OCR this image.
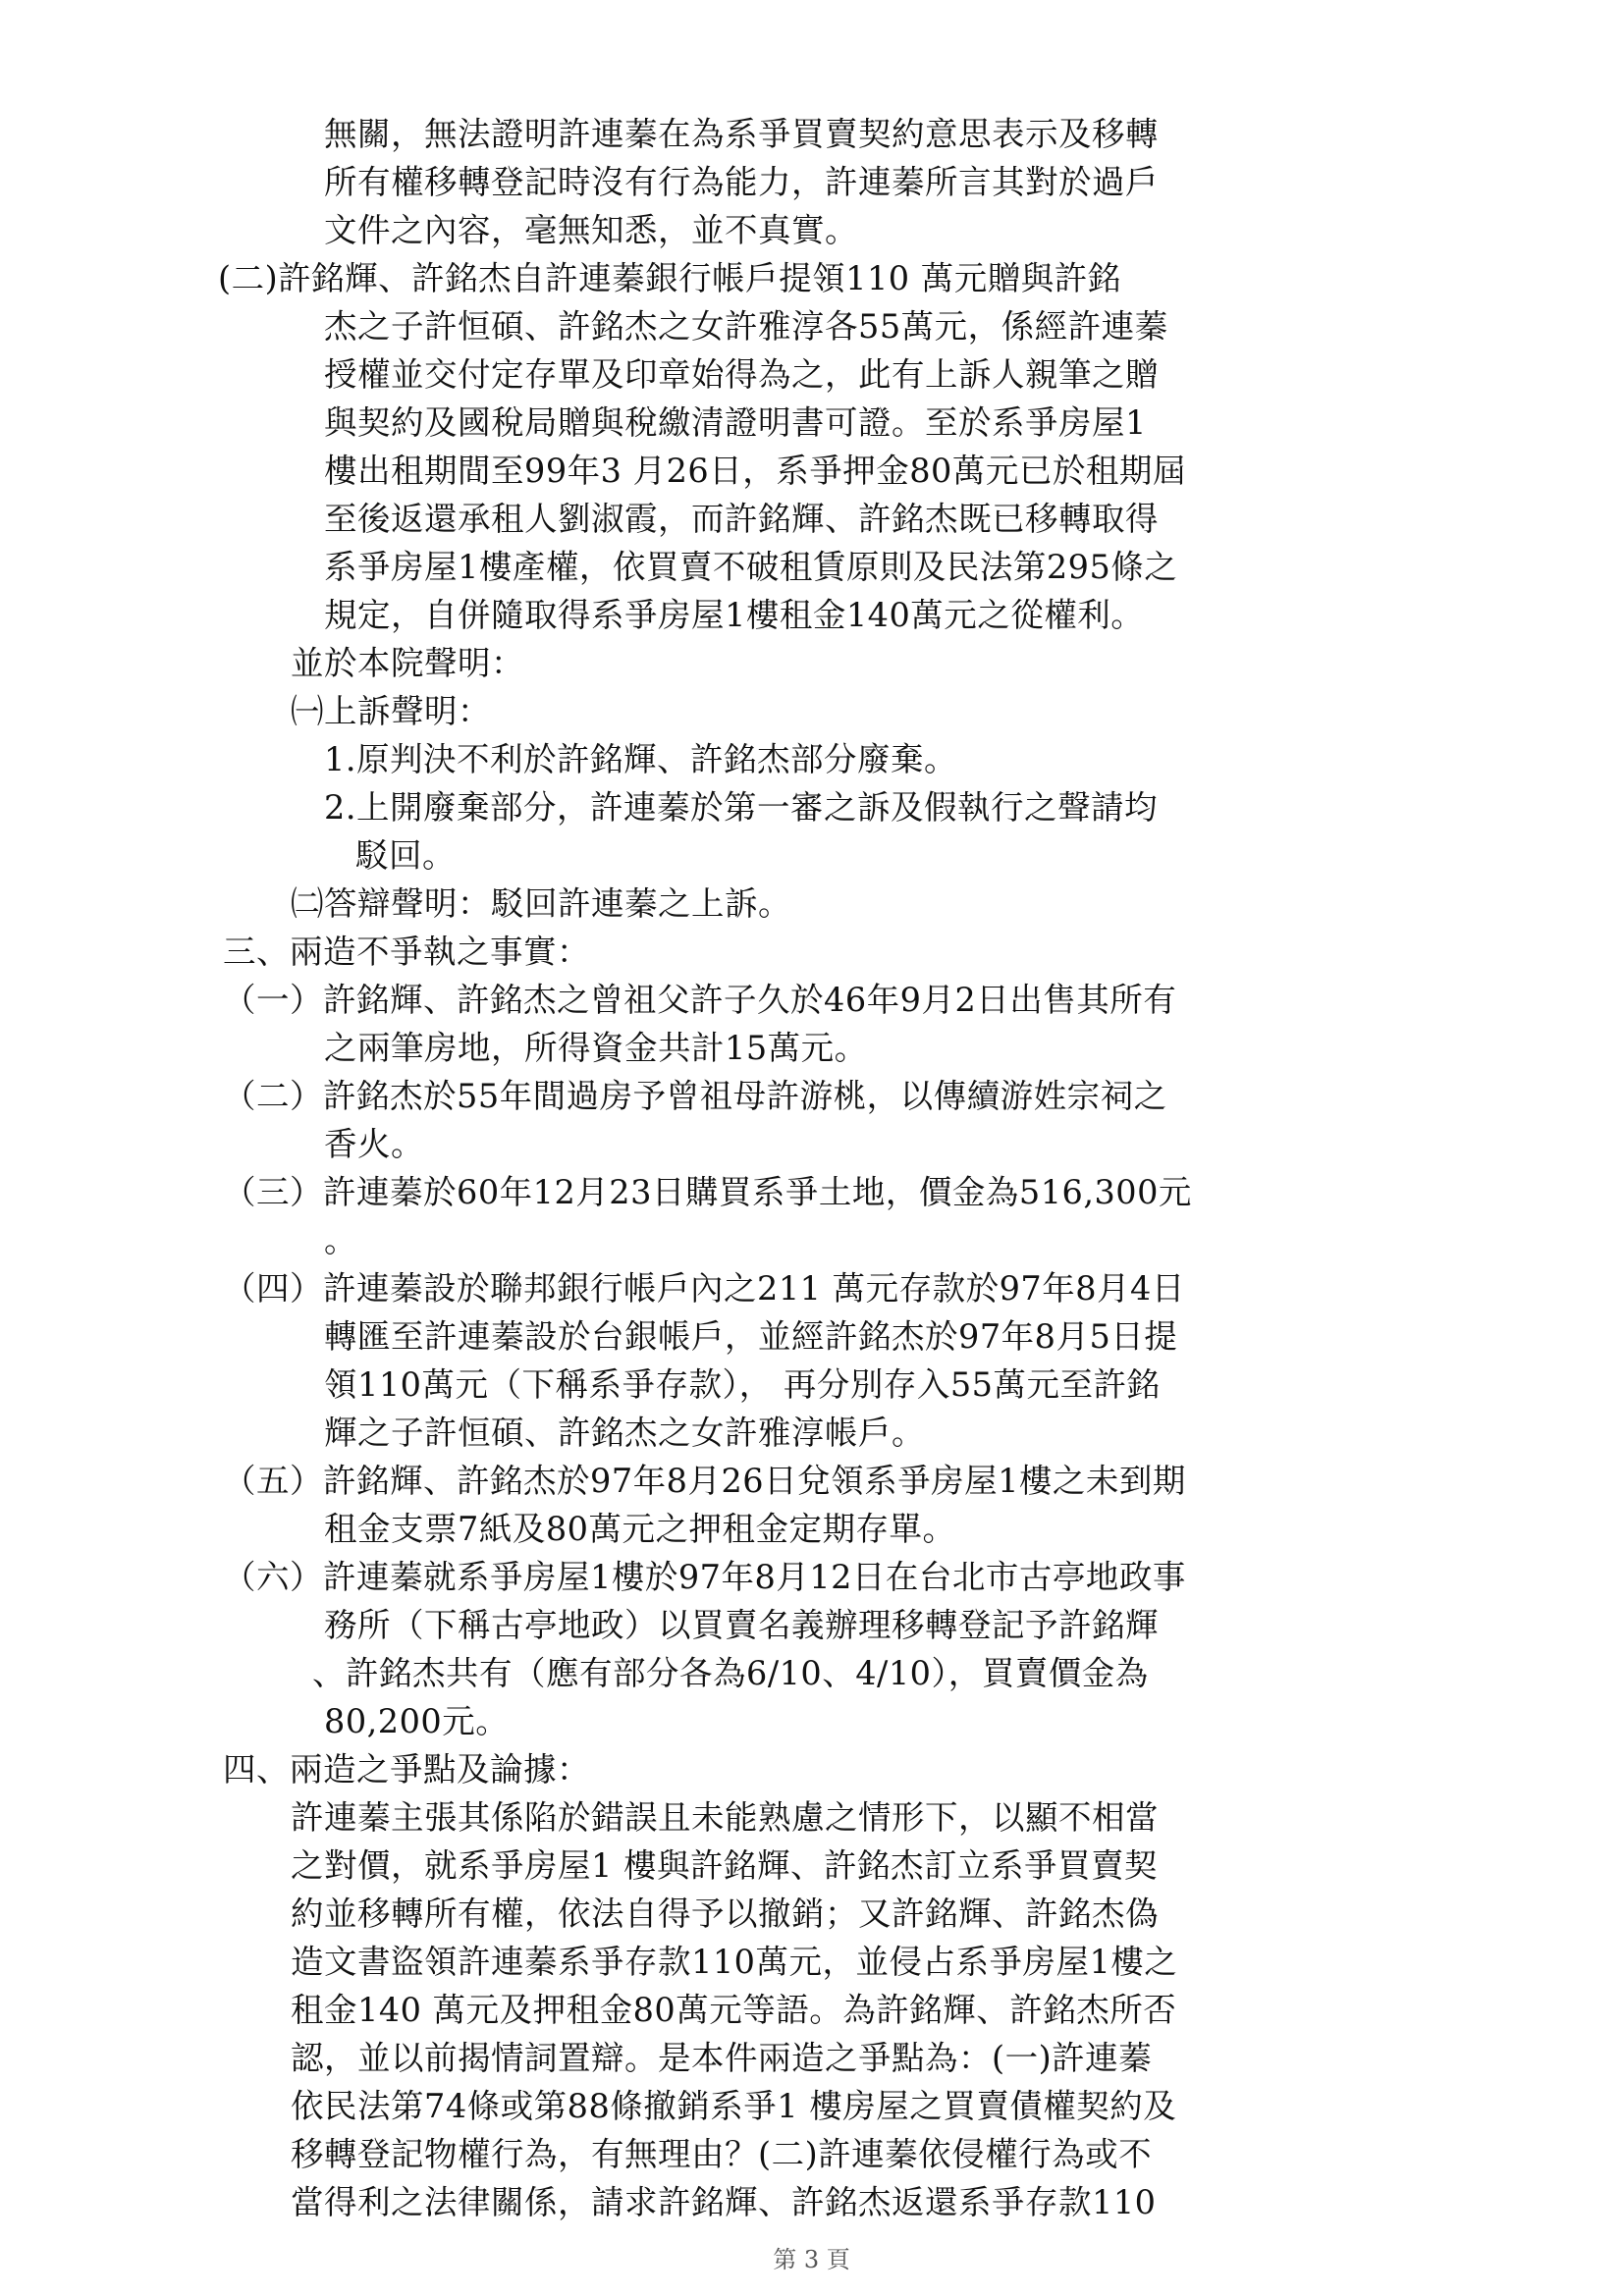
無關，無法證明許連蓁在為系爭買賣契約意思表示及移轉
所有權移轉登記時沒有行為能力，許連蓁所言其對於過戶
文件之內容，毫無知悉，並不真實。
(二)許銘輝、許銘杰自許連蓁銀行帳戶提領110 萬元贈與許銘
杰之子許恒碩、許銘杰之女許雅淳各55萬元，係經許連蓁
授權並交付定存單及印章始得為之，此有上訴人親筆之贈
與契約及國稅局贈與稅繳清證明書可證。至於系爭房屋1
樓出租期間至99年3 月26日，系爭押金80萬元已於租期屆
至後返還承租人劉淑霞，而許銘輝、許銘杰既已移轉取得
系爭房屋1樓產權，依買賣不破租賃原則及民法第295條之
規定，自併隨取得系爭房屋1樓租金140萬元之從權利。
並於本院聲明：
㈠上訴聲明：
1.原判決不利於許銘輝、許銘杰部分廢棄。
2.上開廢棄部分，許連蓁於第一審之訴及假執行之聲請均
駁回。
㈡答辯聲明：駁回許連蓁之上訴。
三、兩造不爭執之事實：
（一）許銘輝、許銘杰之曾祖父許子久於46年9月2日出售其所有
之兩筆房地，所得資金共計15萬元。
（二）許銘杰於55年間過房予曾祖母許游桃，以傳續游姓宗祠之
香火。
（三）許連蓁於60年12月23日購買系爭土地，價金為516,300元
。
（四）許連蓁設於聯邦銀行帳戶內之211 萬元存款於97年8月4日
轉匯至許連蓁設於台銀帳戶，並經許銘杰於97年8月5日提
領110萬元（下稱系爭存款）， 再分別存入55萬元至許銘
輝之子許恒碩、許銘杰之女許雅淳帳戶。
（五）許銘輝、許銘杰於97年8月26日兌領系爭房屋1樓之未到期
租金支票7紙及80萬元之押租金定期存單。
（六）許連蓁就系爭房屋1樓於97年8月12日在台北市古亭地政事
務所（下稱古亭地政）以買賣名義辦理移轉登記予許銘輝
、許銘杰共有（應有部分各為6/10、4/10），買賣價金為
80,200元。
四、兩造之爭點及論據：
許連蓁主張其係陷於錯誤且未能熟慮之情形下，以顯不相當
之對價，就系爭房屋1 樓與許銘輝、許銘杰訂立系爭買賣契
約並移轉所有權，依法自得予以撤銷；又許銘輝、許銘杰偽
造文書盜領許連蓁系爭存款110萬元，並侵占系爭房屋1樓之
租金140 萬元及押租金80萬元等語。為許銘輝、許銘杰所否
認，並以前揭情詞置辯。是本件兩造之爭點為：(一)許連蓁
依民法第74條或第88條撤銷系爭1 樓房屋之買賣債權契約及
移轉登記物權行為，有無理由？(二)許連蓁依侵權行為或不
當得利之法律關係，請求許銘輝、許銘杰返還系爭存款110
第 3 頁
